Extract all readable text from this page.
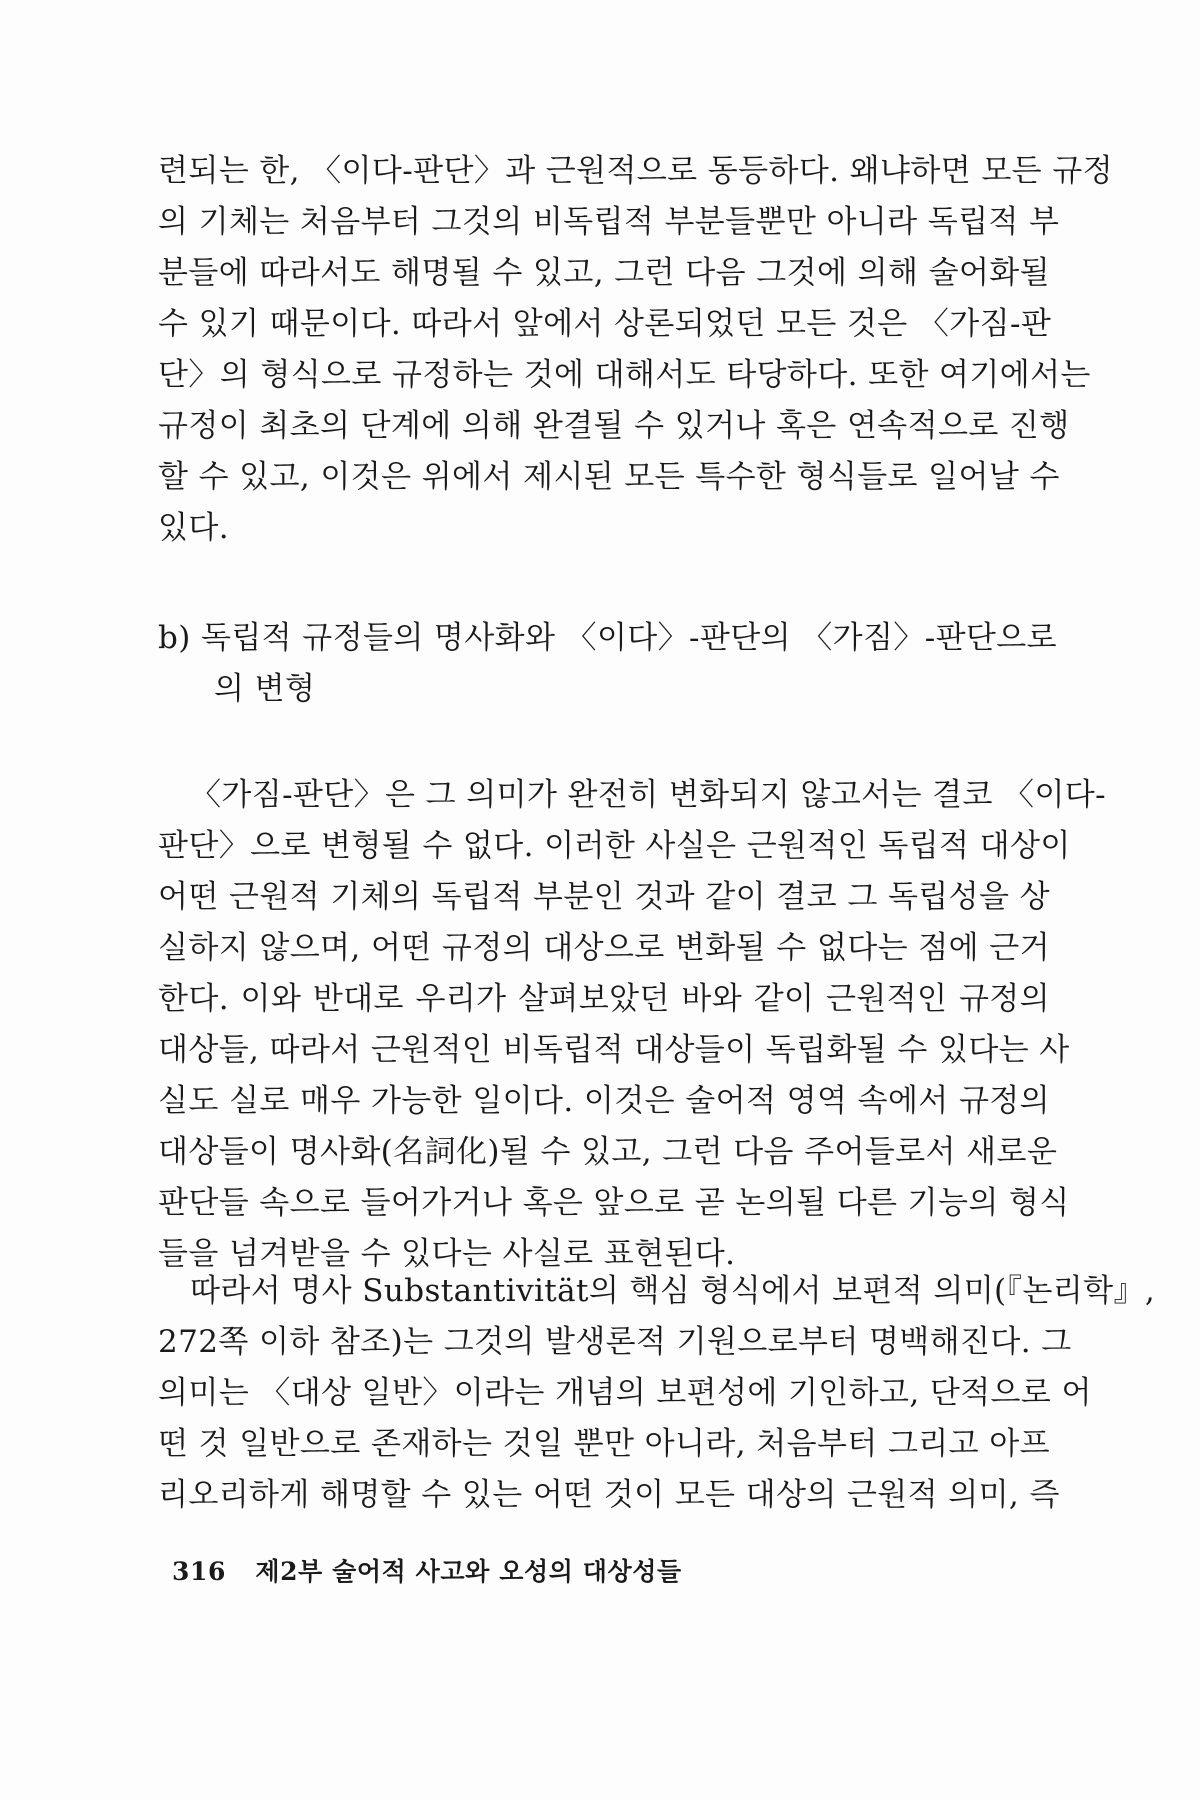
련되는 한, 〈이다-판단〉과 근원적으로 동등하다. 왜냐하면 모든 규정
의 기체는 처음부터 그것의 비독립적 부분들뿐만 아니라 독립적 부
분들에 따라서도 해명될 수 있고, 그런 다음 그것에 의해 술어화될
수 있기 때문이다. 따라서 앞에서 상론되었던 모든 것은 〈가짐-판
단〉의 형식으로 규정하는 것에 대해서도 타당하다. 또한 여기에서는
규정이 최초의 단계에 의해 완결될 수 있거나 혹은 연속적으로 진행
할 수 있고, 이것은 위에서 제시된 모든 특수한 형식들로 일어날 수
있다.
b) 독립적 규정들의 명사화와 〈이다〉-판단의 〈가짐〉-판단으로
의 변형
〈가짐-판단〉은 그 의미가 완전히 변화되지 않고서는 결코 〈이다-
판단〉으로 변형될 수 없다. 이러한 사실은 근원적인 독립적 대상이
어떤 근원적 기체의 독립적 부분인 것과 같이 결코 그 독립성을 상
실하지 않으며, 어떤 규정의 대상으로 변화될 수 없다는 점에 근거
한다. 이와 반대로 우리가 살펴보았던 바와 같이 근원적인 규정의
대상들, 따라서 근원적인 비독립적 대상들이 독립화될 수 있다는 사
실도 실로 매우 가능한 일이다. 이것은 술어적 영역 속에서 규정의
대상들이 명사화(名詞化)될 수 있고, 그런 다음 주어들로서 새로운
판단들 속으로 들어가거나 혹은 앞으로 곧 논의될 다른 기능의 형식
들을 넘겨받을 수 있다는 사실로 표현된다.
따라서 명사 Substantivität의 핵심 형식에서 보편적 의미(『논리학』,
272쪽 이하 참조)는 그것의 발생론적 기원으로부터 명백해진다. 그
의미는 〈대상 일반〉이라는 개념의 보편성에 기인하고, 단적으로 어
떤 것 일반으로 존재하는 것일 뿐만 아니라, 처음부터 그리고 아프
리오리하게 해명할 수 있는 어떤 것이 모든 대상의 근원적 의미, 즉
316 제2부 술어적 사고와 오성의 대상성들
